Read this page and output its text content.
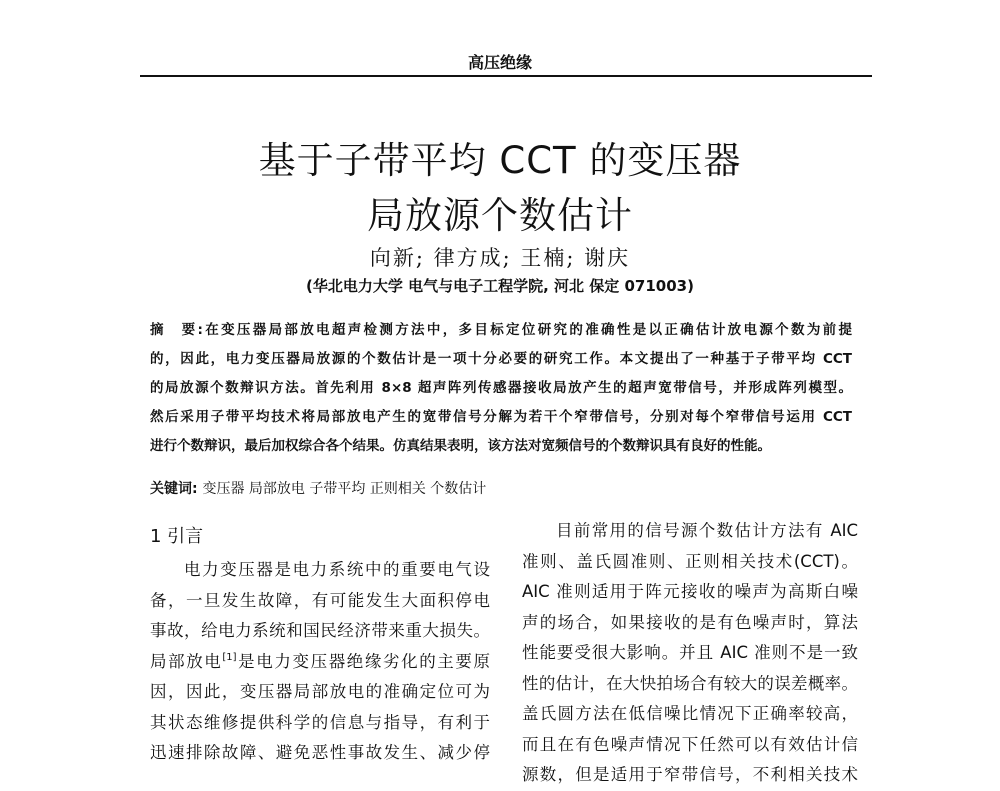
高压绝缘
基于子带平均 CCT 的变压器
局放源个数估计
向新; 律方成; 王楠; 谢庆
(华北电力大学 电气与电子工程学院, 河北 保定 071003)
摘　要:在变压器局部放电超声检测方法中，多目标定位研究的准确性是以正确估计放电源个数为前提
的，因此，电力变压器局放源的个数估计是一项十分必要的研究工作。本文提出了一种基于子带平均 CCT
的局放源个数辩识方法。首先利用 8×8 超声阵列传感器接收局放产生的超声宽带信号，并形成阵列模型。
然后采用子带平均技术将局部放电产生的宽带信号分解为若干个窄带信号，分别对每个窄带信号运用 CCT
进行个数辩识，最后加权综合各个结果。仿真结果表明，该方法对宽频信号的个数辩识具有良好的性能。
关键词: 变压器 局部放电 子带平均 正则相关 个数估计
1 引言
电力变压器是电力系统中的重要电气设
备，一旦发生故障，有可能发生大面积停电
事故，给电力系统和国民经济带来重大损失。
局部放电[1]是电力变压器绝缘劣化的主要原
因，因此，变压器局部放电的准确定位可为
其状态维修提供科学的信息与指导，有利于
迅速排除故障、避免恶性事故发生、减少停
目前常用的信号源个数估计方法有 AIC
准则、盖氏圆准则、正则相关技术(CCT)。
AIC 准则适用于阵元接收的噪声为高斯白噪
声的场合，如果接收的是有色噪声时，算法
性能要受很大影响。并且 AIC 准则不是一致
性的估计，在大快拍场合有较大的误差概率。
盖氏圆方法在低信噪比情况下正确率较高，
而且在有色噪声情况下任然可以有效估计信
源数，但是适用于窄带信号，不利相关技术
